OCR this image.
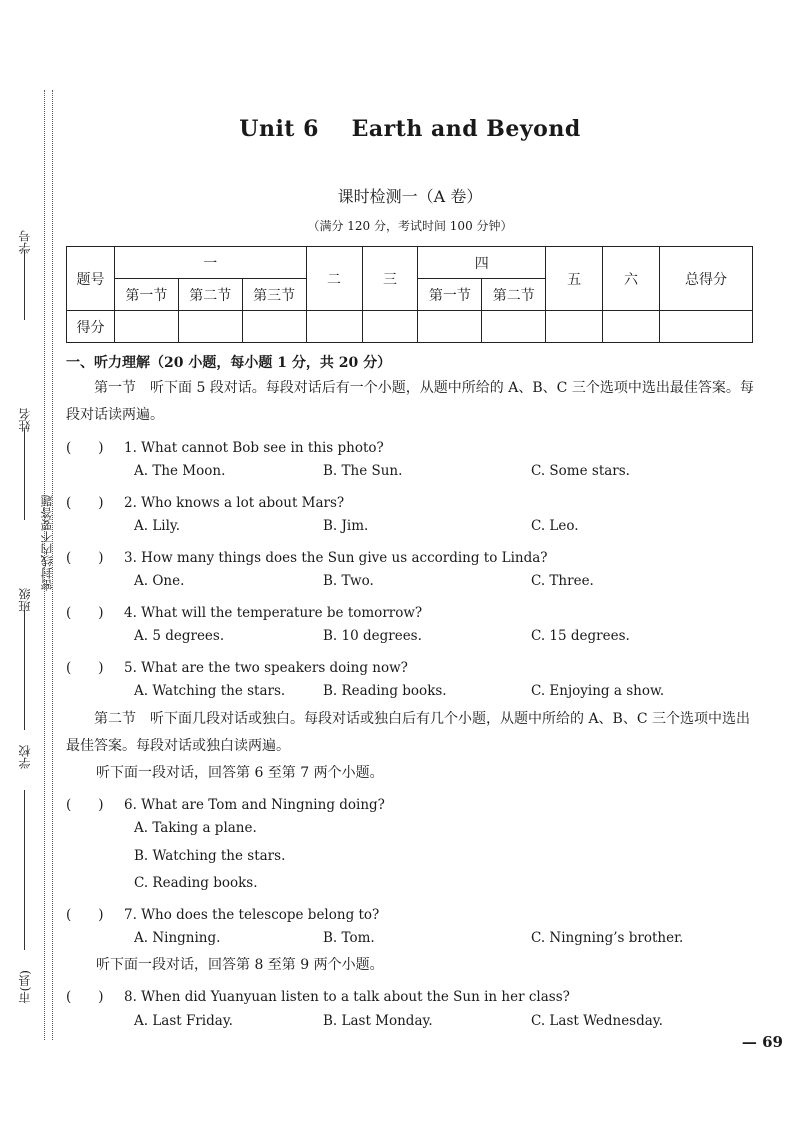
学号
姓名
密封线内不要答题
班级
学校
市(县)
Unit 6    Earth and Beyond
课时检测一（A 卷）
（满分 120 分，考试时间 100 分钟）
题号	一			二	三	四		五	六	总得分
	第一节	第二节	第三节			第一节	第二节			
得分										
一、听力理解（20 小题，每小题 1 分，共 20 分）
第一节　听下面 5 段对话。每段对话后有一个小题，从题中所给的 A、B、C 三个选项中选出最佳答案。每段对话读两遍。
(　　) 1. What cannot Bob see in this photo?
A. The Moon.	B. The Sun.	C. Some stars.
(　　) 2. Who knows a lot about Mars?
A. Lily.	B. Jim.	C. Leo.
(　　) 3. How many things does the Sun give us according to Linda?
A. One.	B. Two.	C. Three.
(　　) 4. What will the temperature be tomorrow?
A. 5 degrees.	B. 10 degrees.	C. 15 degrees.
(　　) 5. What are the two speakers doing now?
A. Watching the stars.	B. Reading books.	C. Enjoying a show.
第二节　听下面几段对话或独白。每段对话或独白后有几个小题，从题中所给的 A、B、C 三个选项中选出最佳答案。每段对话或独白读两遍。
听下面一段对话，回答第 6 至第 7 两个小题。
(　　) 6. What are Tom and Ningning doing?
A. Taking a plane.
B. Watching the stars.
C. Reading books.
(　　) 7. Who does the telescope belong to?
A. Ningning.	B. Tom.	C. Ningning’s brother.
听下面一段对话，回答第 8 至第 9 两个小题。
(　　) 8. When did Yuanyuan listen to a talk about the Sun in her class?
A. Last Friday.	B. Last Monday.	C. Last Wednesday.
— 69
